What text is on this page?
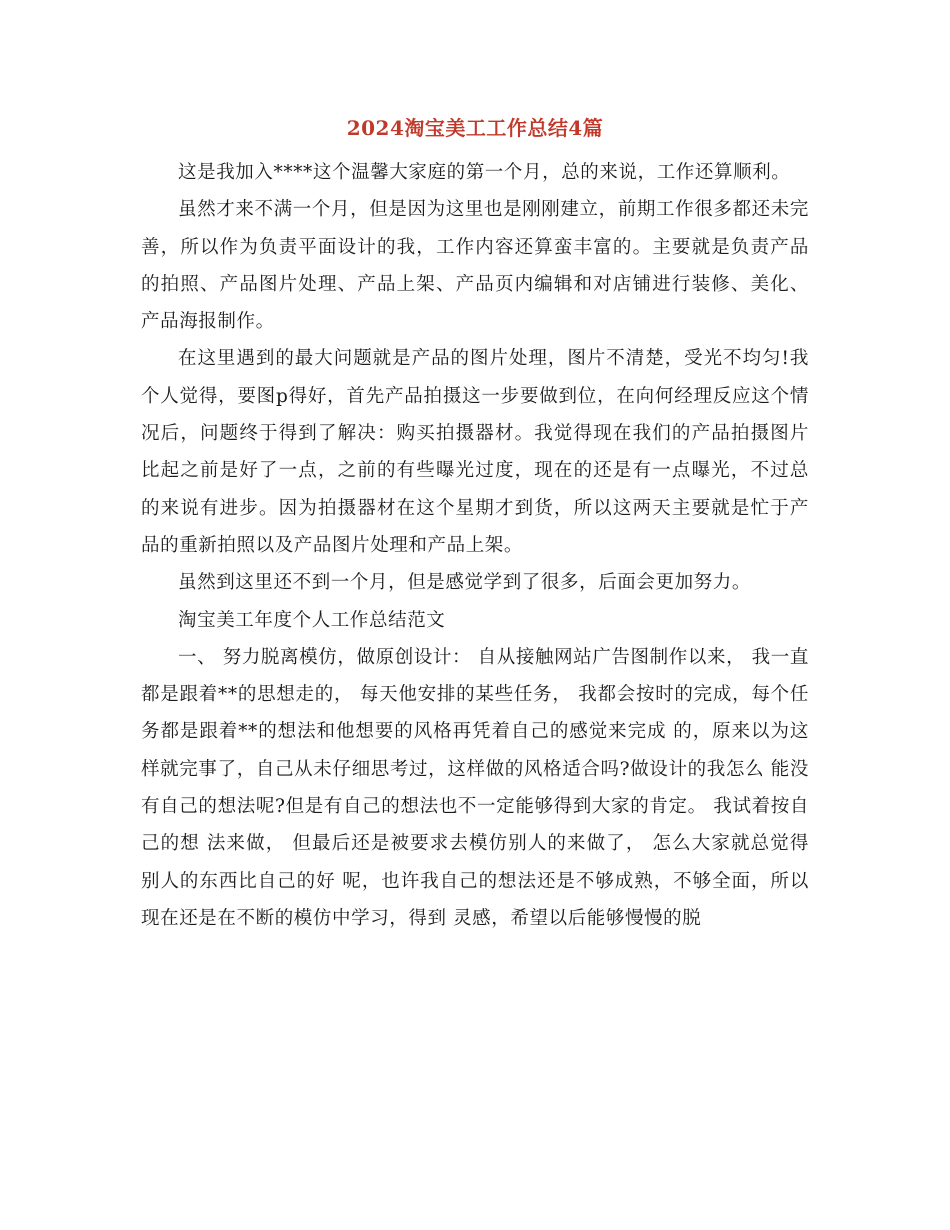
2024淘宝美工工作总结4篇

这是我加入****这个温馨大家庭的第一个月，总的来说，工作还算顺利。

虽然才来不满一个月，但是因为这里也是刚刚建立，前期工作很多都还未完善，所以作为负责平面设计的我，工作内容还算蛮丰富的。主要就是负责产品的拍照、产品图片处理、产品上架、产品页内编辑和对店铺进行装修、美化、产品海报制作。

在这里遇到的最大问题就是产品的图片处理，图片不清楚，受光不均匀!我个人觉得，要图p得好，首先产品拍摄这一步要做到位，在向何经理反应这个情况后，问题终于得到了解决：购买拍摄器材。我觉得现在我们的产品拍摄图片比起之前是好了一点，之前的有些曝光过度，现在的还是有一点曝光，不过总的来说有进步。因为拍摄器材在这个星期才到货，所以这两天主要就是忙于产品的重新拍照以及产品图片处理和产品上架。

虽然到这里还不到一个月，但是感觉学到了很多，后面会更加努力。

淘宝美工年度个人工作总结范文

一、 努力脱离模仿，做原创设计： 自从接触网站广告图制作以来， 我一直都是跟着**的思想走的， 每天他安排的某些任务， 我都会按时的完成，每个任务都是跟着**的想法和他想要的风格再凭着自己的感觉来完成 的，原来以为这样就完事了，自己从未仔细思考过，这样做的风格适合吗?做设计的我怎么 能没有自己的想法呢?但是有自己的想法也不一定能够得到大家的肯定。 我试着按自己的想 法来做， 但最后还是被要求去模仿别人的来做了， 怎么大家就总觉得别人的东西比自己的好 呢，也许我自己的想法还是不够成熟，不够全面，所以现在还是在不断的模仿中学习，得到 灵感，希望以后能够慢慢的脱
